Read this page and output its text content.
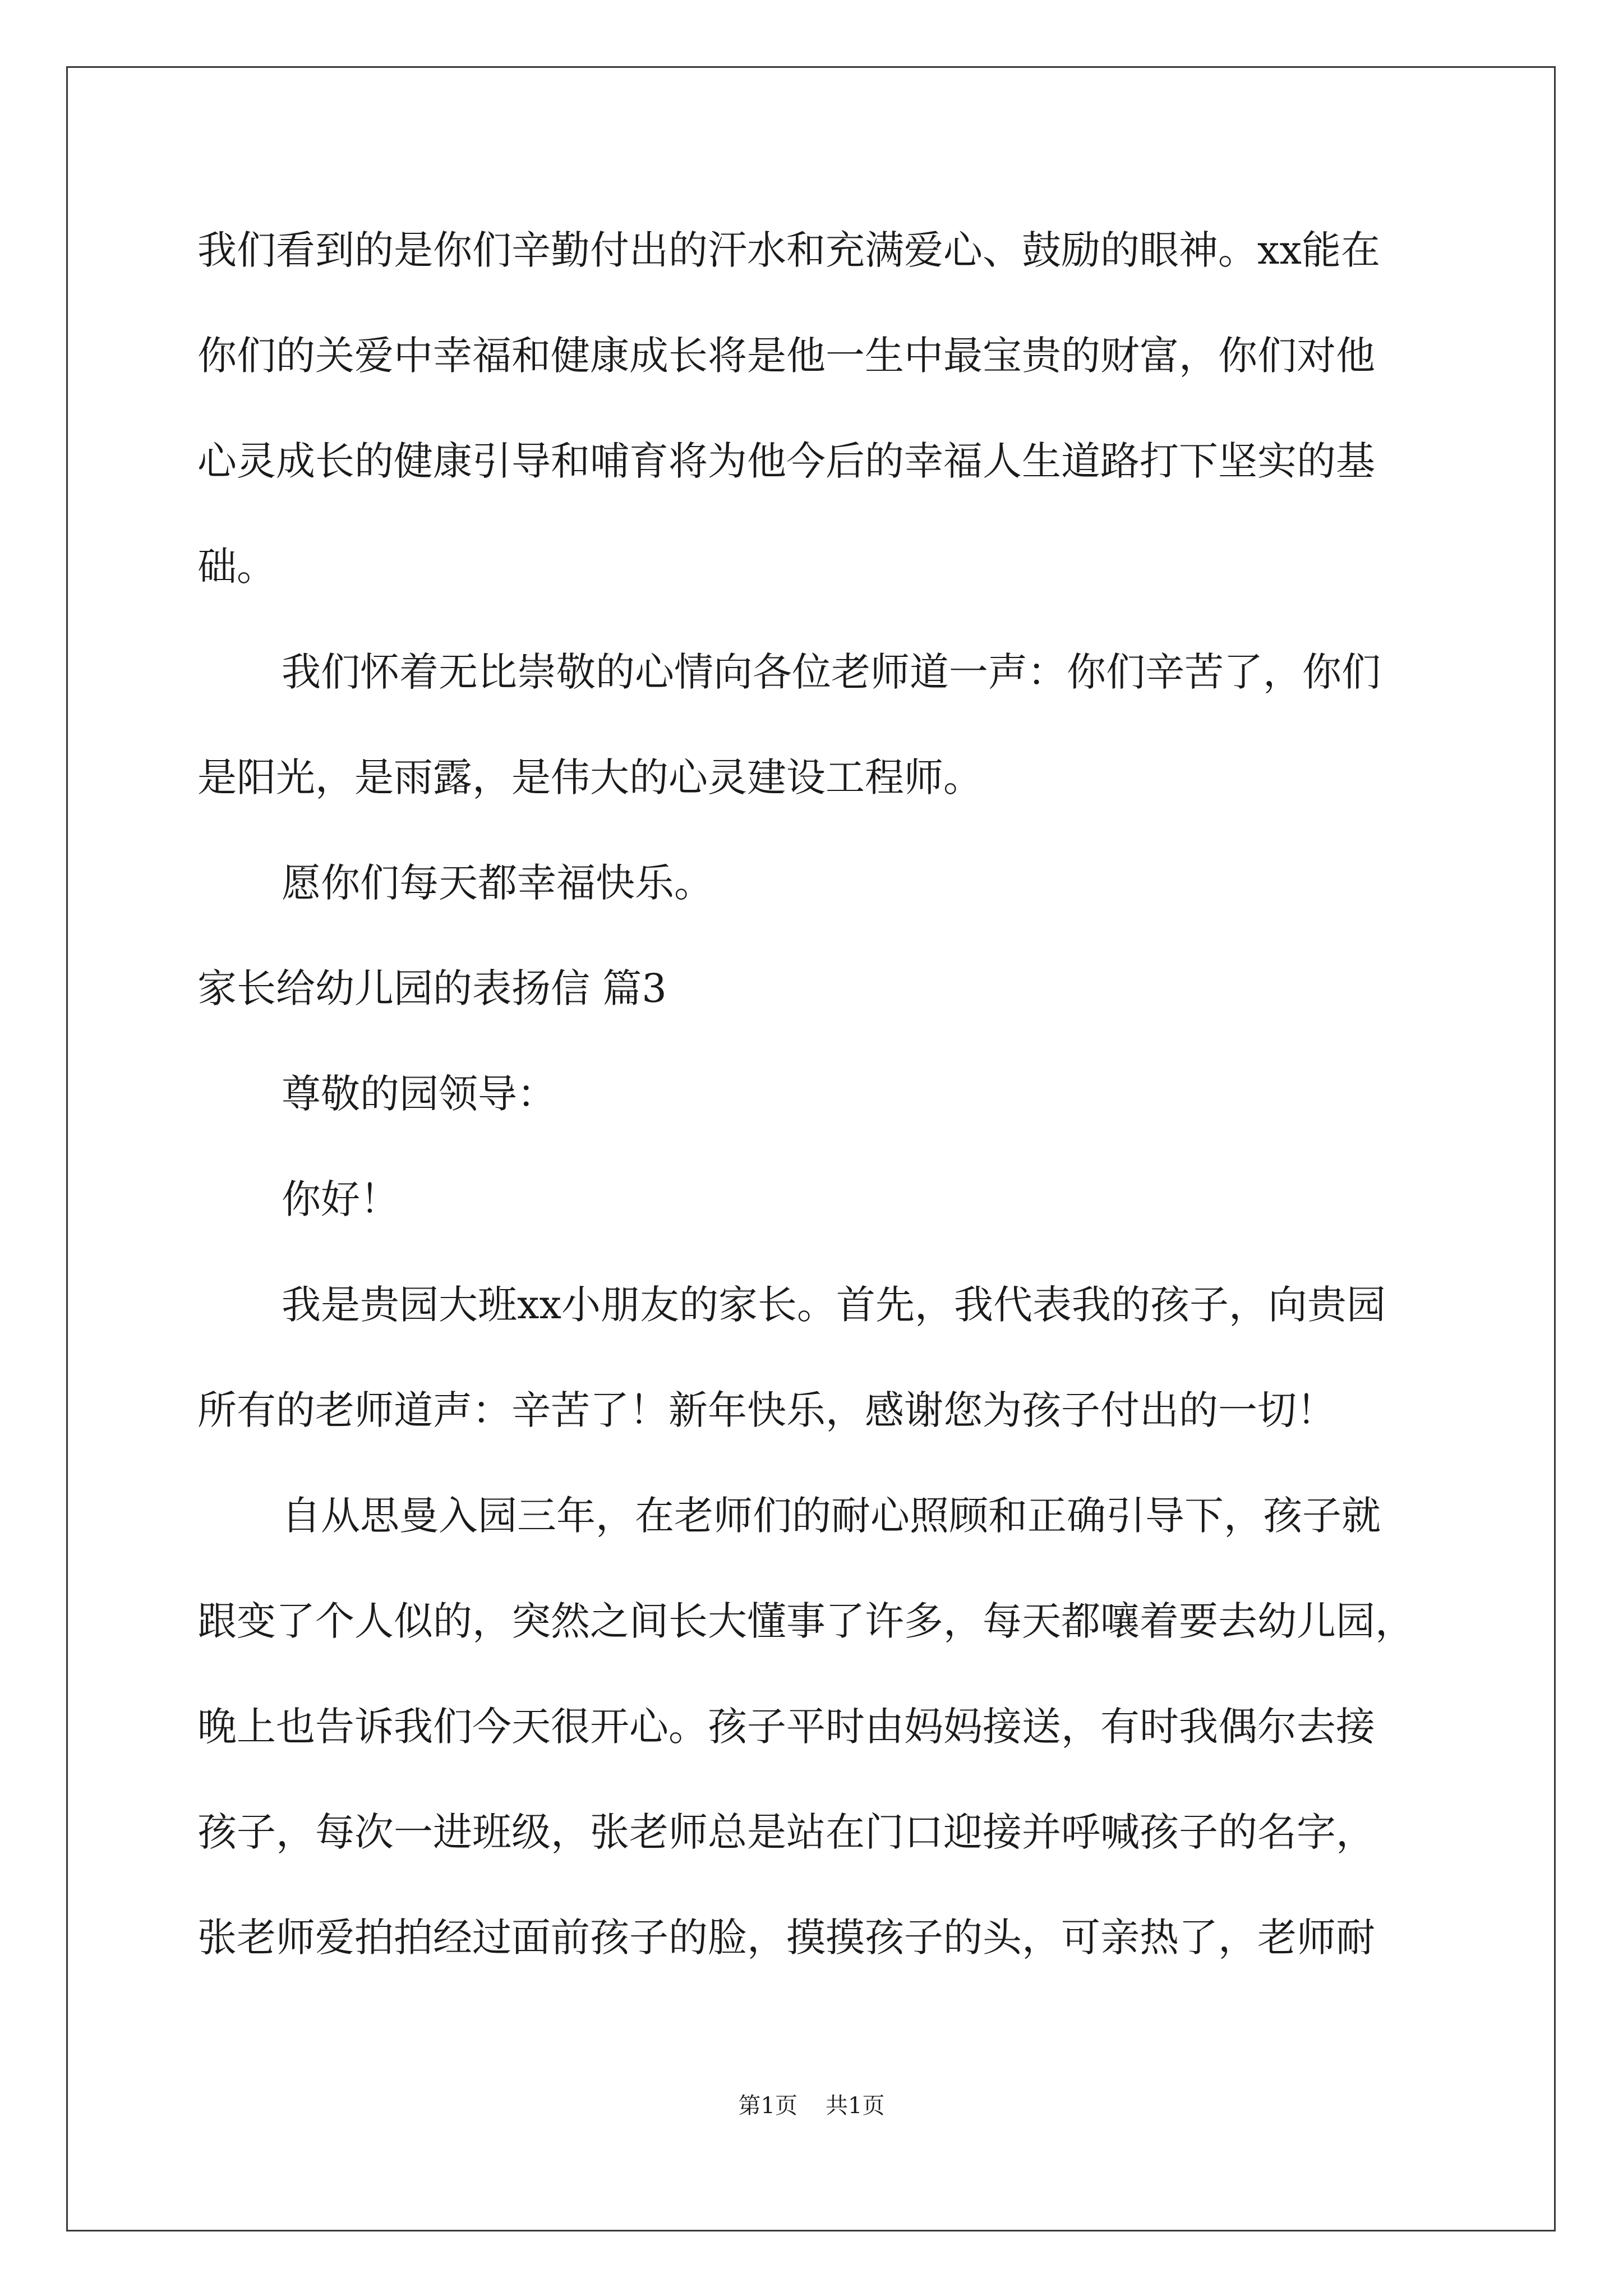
我们看到的是你们辛勤付出的汗水和充满爱心、鼓励的眼神。xx能在
你们的关爱中幸福和健康成长将是他一生中最宝贵的财富，你们对他
心灵成长的健康引导和哺育将为他今后的幸福人生道路打下坚实的基
础。
我们怀着无比崇敬的心情向各位老师道一声：你们辛苦了，你们
是阳光，是雨露，是伟大的心灵建设工程师。
愿你们每天都幸福快乐。
家长给幼儿园的表扬信 篇3
尊敬的园领导：
你好！
我是贵园大班xx小朋友的家长。首先，我代表我的孩子，向贵园
所有的老师道声：辛苦了！新年快乐，感谢您为孩子付出的一切！
自从思曼入园三年，在老师们的耐心照顾和正确引导下，孩子就
跟变了个人似的，突然之间长大懂事了许多，每天都嚷着要去幼儿园，
晚上也告诉我们今天很开心。孩子平时由妈妈接送，有时我偶尔去接
孩子，每次一进班级，张老师总是站在门口迎接并呼喊孩子的名字，
张老师爱拍拍经过面前孩子的脸，摸摸孩子的头，可亲热了，老师耐
第1页 共1页
